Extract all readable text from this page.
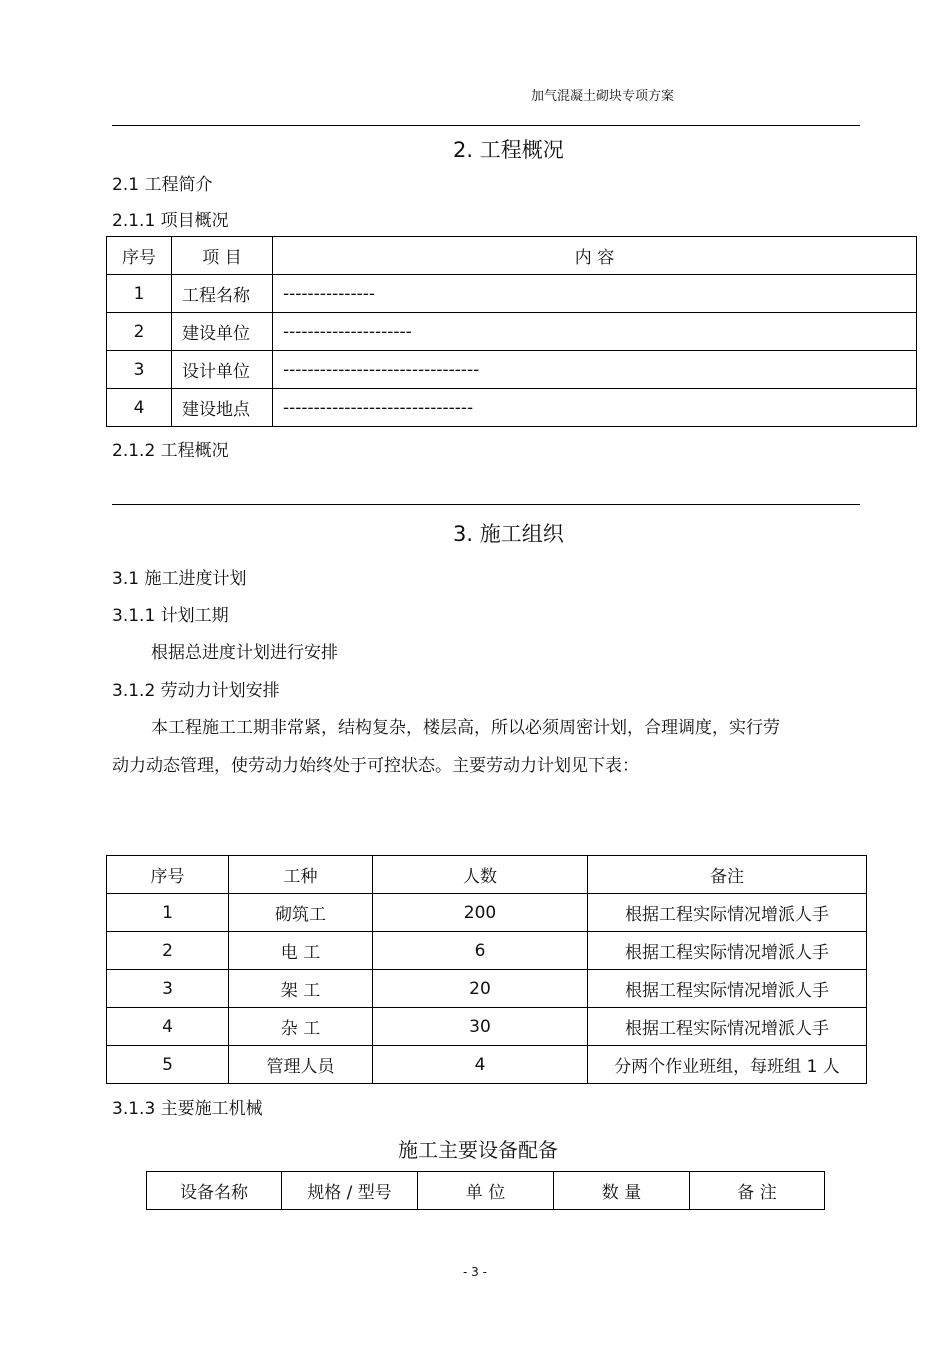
加气混凝土砌块专项方案
2. 工程概况
2.1 工程简介
2.1.1 项目概况
序号	项 目	内 容
1	工程名称	---------------
2	建设单位	---------------------
3	设计单位	--------------------------------
4	建设地点	-------------------------------
2.1.2 工程概况
3. 施工组织
3.1 施工进度计划
3.1.1 计划工期
根据总进度计划进行安排
3.1.2 劳动力计划安排
本工程施工工期非常紧，结构复杂，楼层高，所以必须周密计划，合理调度，实行劳
动力动态管理，使劳动力始终处于可控状态。主要劳动力计划见下表：
序号	工种	人数	备注
1	砌筑工	200	根据工程实际情况增派人手
2	电 工	6	根据工程实际情况增派人手
3	架 工	20	根据工程实际情况增派人手
4	杂 工	30	根据工程实际情况增派人手
5	管理人员	4	分两个作业班组，每班组 1 人
3.1.3 主要施工机械
施工主要设备配备
设备名称	规格 / 型号	单 位	数 量	备 注
- 3 -
